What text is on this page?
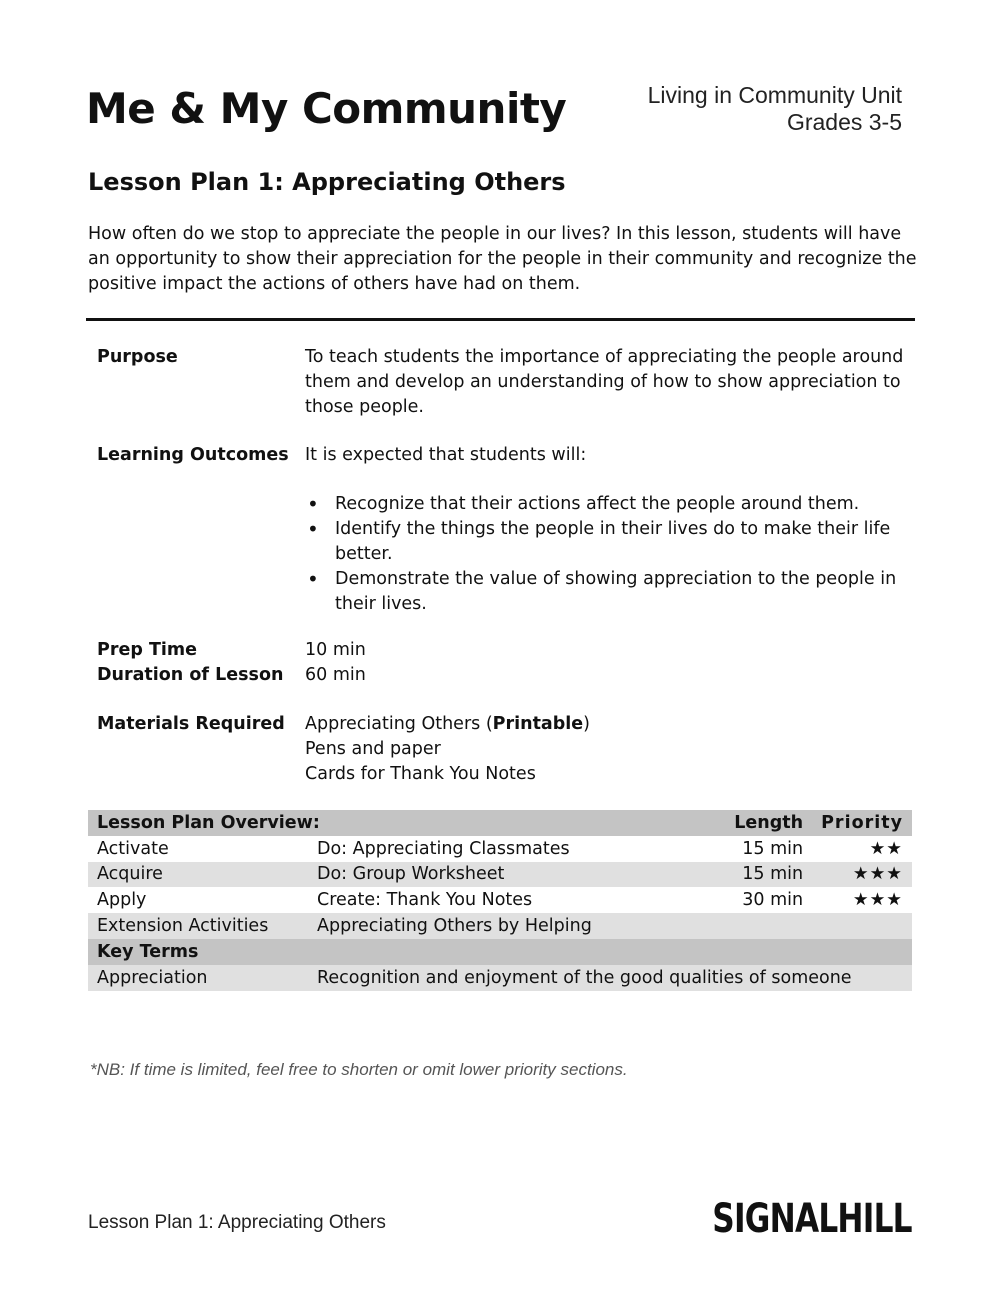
Me & My Community	Living in Community Unit
Grades 3-5
Lesson Plan 1: Appreciating Others
How often do we stop to appreciate the people in our lives? In this lesson, students will have an opportunity to show their appreciation for the people in their community and recognize the positive impact the actions of others have had on them.
Purpose	To teach students the importance of appreciating the people around them and develop an understanding of how to show appreciation to those people.
Learning Outcomes It is expected that students will:
• Recognize that their actions affect the people around them.
• Identify the things the people in their lives do to make their life better.
• Demonstrate the value of showing appreciation to the people in their lives.
Prep Time	10 min
Duration of Lesson	60 min
Materials Required	Appreciating Others (Printable)
Pens and paper
Cards for Thank You Notes
Lesson Plan Overview:		Length	Priority
Activate	Do: Appreciating Classmates	15 min	★★
Acquire	Do: Group Worksheet	15 min	★★★
Apply	Create: Thank You Notes	30 min	★★★
Extension Activities	Appreciating Others by Helping		
Key Terms			
Appreciation	Recognition and enjoyment of the good qualities of someone		
*NB: If time is limited, feel free to shorten or omit lower priority sections.
Lesson Plan 1: Appreciating Others	SIGNALHILL
